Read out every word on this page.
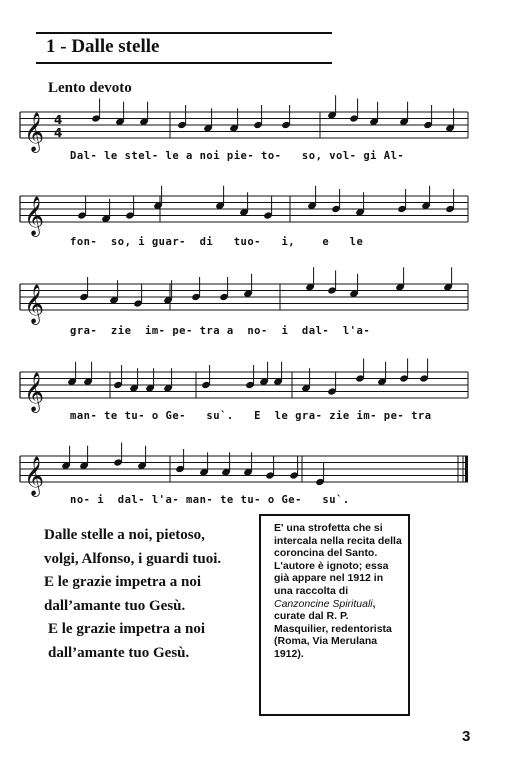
1 - Dalle stelle
Lento devoto
𝄞 4
4
Dal- le stel- le a noi pie- to-   so, vol- gi Al-
𝄞
fon-  so, i guar-  di   tuo-   i,    e   le
𝄞
gra-  zie  im- pe- tra a  no-  i  dal-  l'a-
𝄞
man- te tu- o Ge-   su`.   E  le gra- zie im- pe- tra
𝄞
no- i  dal- l'a- man- te tu- o Ge-   su`.
Dalle stelle a noi, pietoso,
volgi, Alfonso, i guardi tuoi.
E le grazie impetra a noi
dall’amante tuo Gesù.
E le grazie impetra a noi
dall’amante tuo Gesù.
E' una strofetta che si intercala nella recita della coroncina del Santo. L'autore è ignoto; essa già appare nel 1912 in una raccolta di Canzoncine Spirituali, curate dal R. P. Masquilier, redentorista (Roma, Via Merulana 1912).
3
